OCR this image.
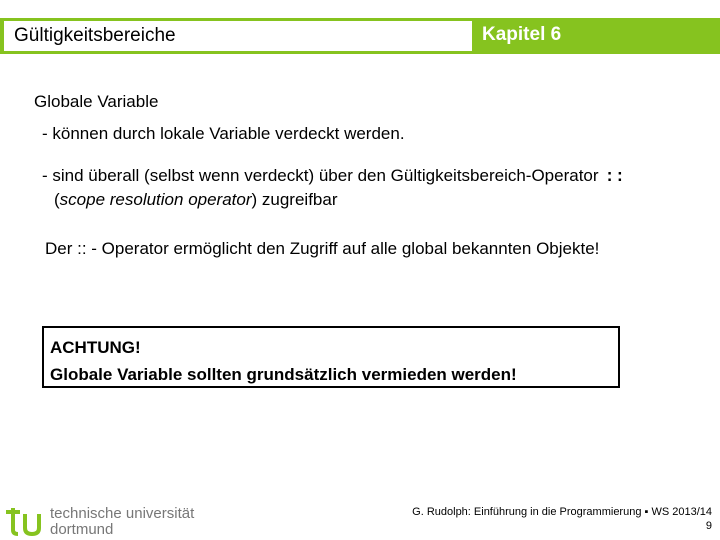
Gültigkeitsbereiche	Kapitel 6
Globale Variable
- können durch lokale Variable verdeckt werden.
- sind überall (selbst wenn verdeckt) über den Gültigkeitsbereich-Operator ::
(scope resolution operator) zugreifbar
Der :: - Operator ermöglicht den Zugriff auf alle global bekannten Objekte!
ACHTUNG!
Globale Variable sollten grundsätzlich vermieden werden!
technische universität
dortmund
G. Rudolph: Einführung in die Programmierung ▪ WS 2013/14
9
